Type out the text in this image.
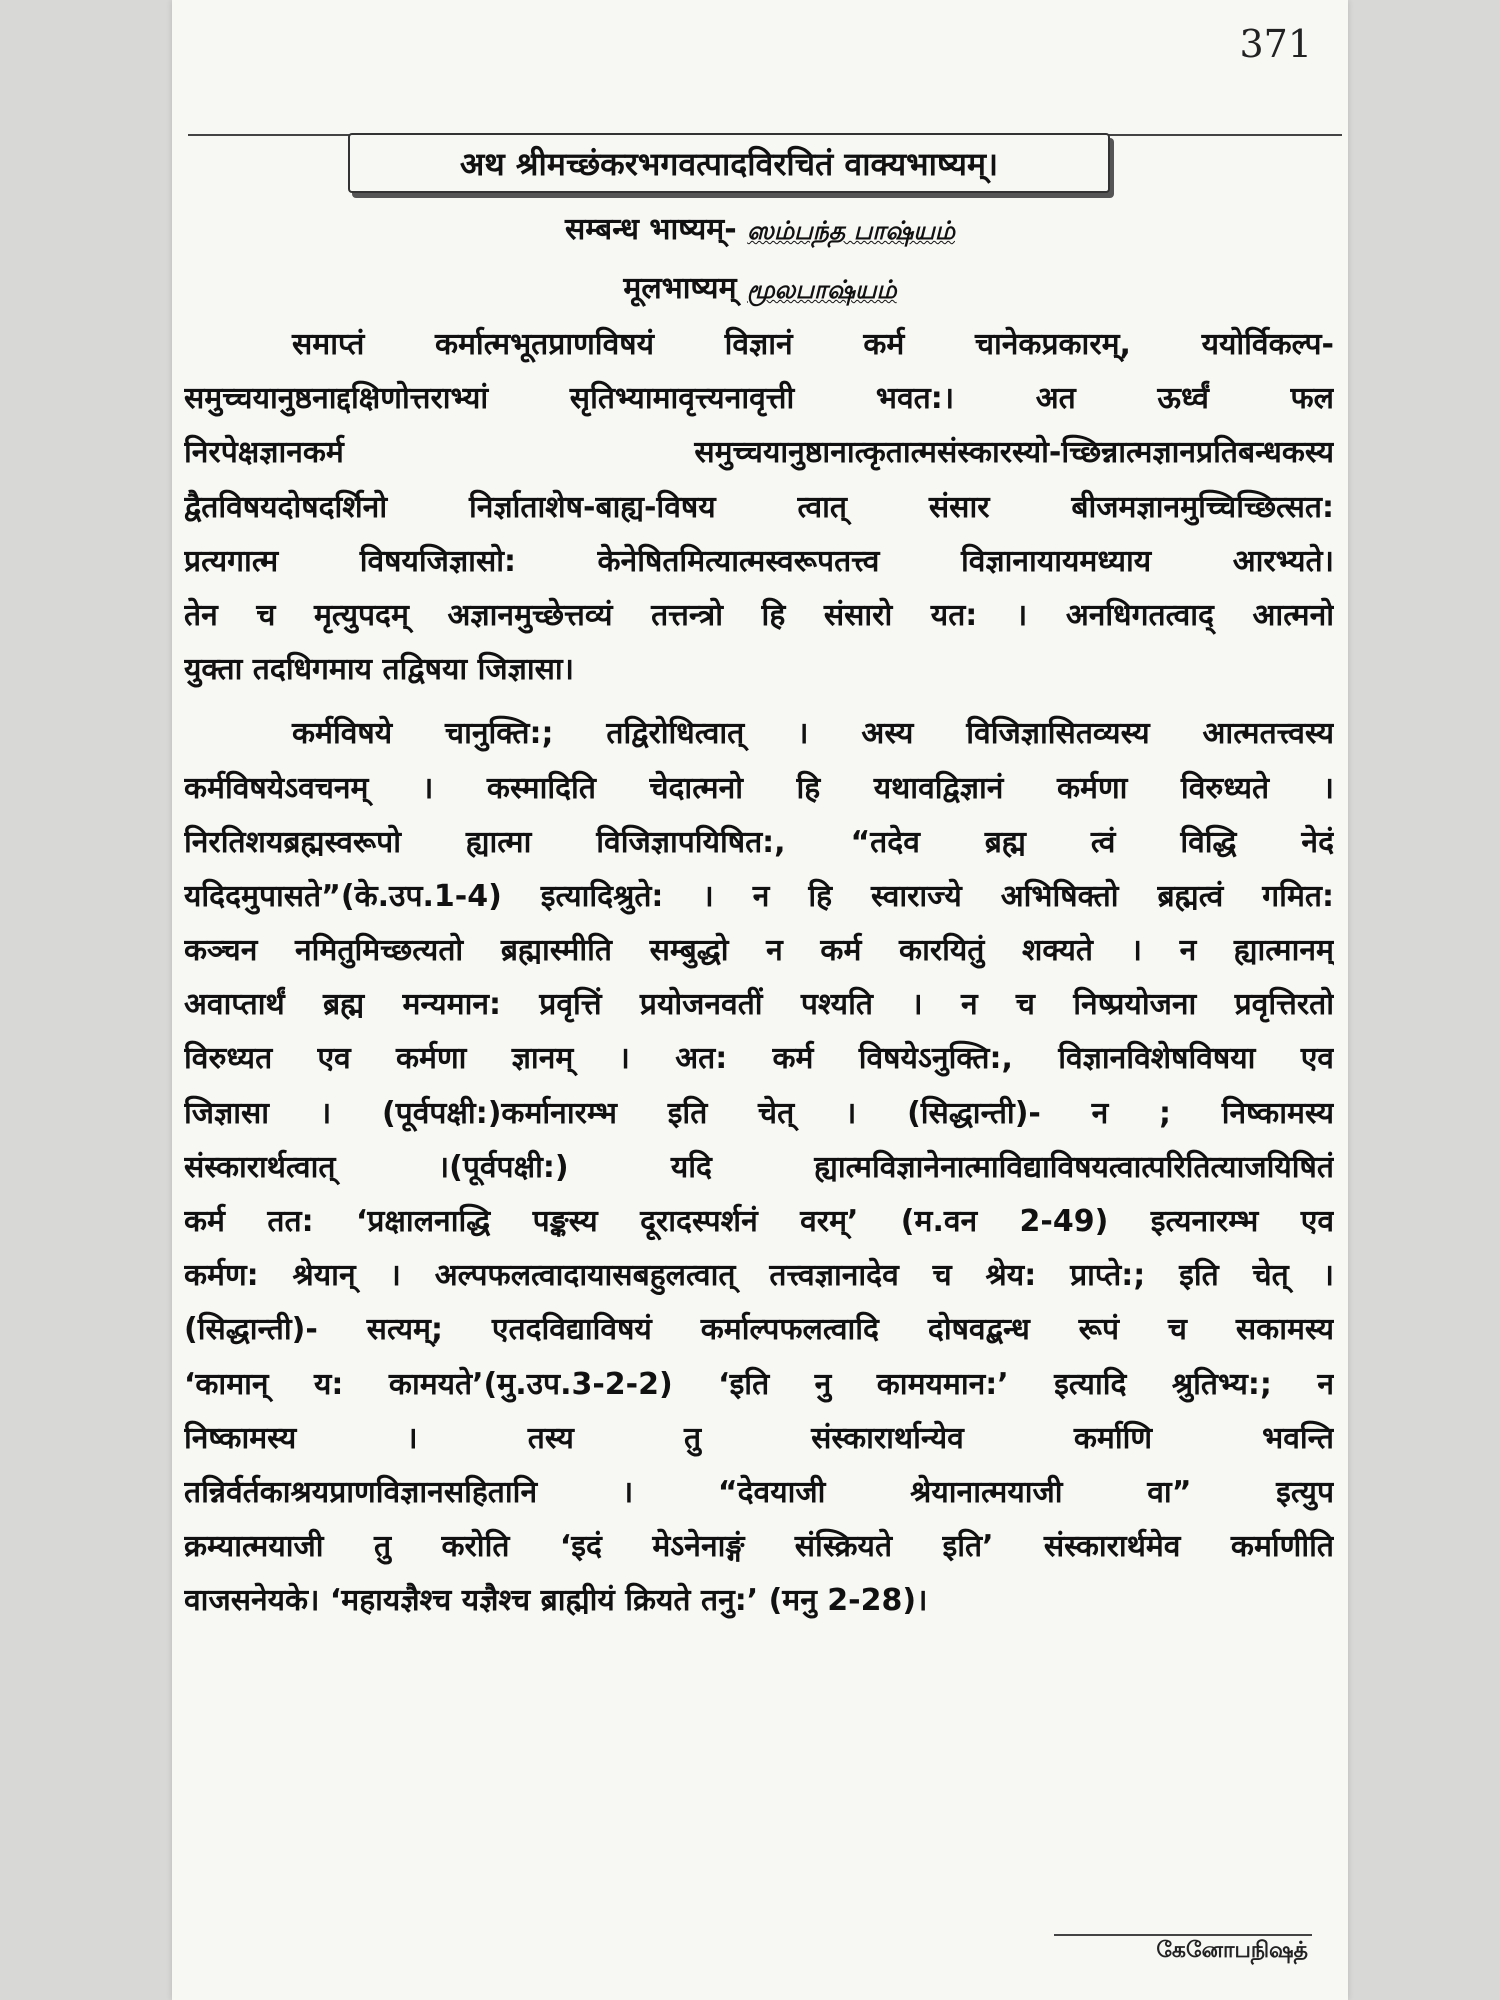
371
अथ श्रीमच्छंकरभगवत्पादविरचितं वाक्यभाष्यम्।
सम्बन्ध भाष्यम्- ஸம்பந்த பாஷ்யம்
मूलभाष्यम् மூலபாஷ்யம்
समाप्तं कर्मात्मभूतप्राणविषयं विज्ञानं कर्म चानेकप्रकारम्, ययोर्विकल्प-
समुच्चयानुष्ठनाद्दक्षिणोत्तराभ्यां सृतिभ्यामावृत्त्यनावृत्ती भवत:। अत ऊर्ध्वं फल
निरपेक्षज्ञानकर्म समुच्चयानुष्ठानात्कृतात्मसंस्कारस्यो-च्छिन्नात्मज्ञानप्रतिबन्धकस्य
द्वैतविषयदोषदर्शिनो निर्ज्ञाताशेष-बाह्य-विषय त्वात् संसार बीजमज्ञानमुच्चिच्छित्सत:
प्रत्यगात्म विषयजिज्ञासो: केनेषितमित्यात्मस्वरूपतत्त्व विज्ञानायायमध्याय आरभ्यते।
तेन च मृत्युपदम् अज्ञानमुच्छेत्तव्यं तत्तन्त्रो हि संसारो यत: । अनधिगतत्वाद् आत्मनो
युक्ता तदधिगमाय तद्विषया जिज्ञासा।
कर्मविषये चानुक्ति:; तद्विरोधित्वात् । अस्य विजिज्ञासितव्यस्य आत्मतत्त्वस्य
कर्मविषयेऽवचनम् । कस्मादिति चेदात्मनो हि यथावद्विज्ञानं कर्मणा विरुध्यते ।
निरतिशयब्रह्मस्वरूपो ह्यात्मा विजिज्ञापयिषित:, “तदेव ब्रह्म त्वं विद्धि नेदं
यदिदमुपासते”(के.उप.1-4) इत्यादिश्रुते: । न हि स्वाराज्ये अभिषिक्तो ब्रह्मत्वं गमित:
कञ्चन नमितुमिच्छत्यतो ब्रह्मास्मीति सम्बुद्धो न कर्म कारयितुं शक्यते । न ह्यात्मानम्
अवाप्तार्थं ब्रह्म मन्यमान: प्रवृत्तिं प्रयोजनवतीं पश्यति । न च निष्प्रयोजना प्रवृत्तिरतो
विरुध्यत एव कर्मणा ज्ञानम् । अत: कर्म विषयेऽनुक्ति:, विज्ञानविशेषविषया एव
जिज्ञासा । (पूर्वपक्षी:)कर्मानारम्भ इति चेत् । (सिद्धान्ती)- न ; निष्कामस्य
संस्कारार्थत्वात् ।(पूर्वपक्षी:) यदि ह्यात्मविज्ञानेनात्माविद्याविषयत्वात्परितित्याजयिषितं
कर्म तत: ‘प्रक्षालनाद्धि पङ्कस्य दूरादस्पर्शनं वरम्’ (म.वन 2-49) इत्यनारम्भ एव
कर्मण: श्रेयान् । अल्पफलत्वादायासबहुलत्वात् तत्त्वज्ञानादेव च श्रेय: प्राप्ते:; इति चेत् ।
(सिद्धान्ती)- सत्यम्; एतदविद्याविषयं कर्माल्पफलत्वादि दोषवद्बन्ध रूपं च सकामस्य
‘कामान् य: कामयते’(मु.उप.3-2-2) ‘इति नु कामयमान:’ इत्यादि श्रुतिभ्य:; न
निष्कामस्य । तस्य तु संस्कारार्थान्येव कर्माणि भवन्ति
तन्निर्वर्तकाश्रयप्राणविज्ञानसहितानि । “देवयाजी श्रेयानात्मयाजी वा” इत्युप
क्रम्यात्मयाजी तु करोति ‘इदं मेऽनेनाङ्गं संस्क्रियते इति’ संस्कारार्थमेव कर्माणीति
वाजसनेयके। ‘महायज्ञैश्च यज्ञैश्च ब्राह्मीयं क्रियते तनु:’ (मनु 2-28)।
கேனோபநிஷத்
